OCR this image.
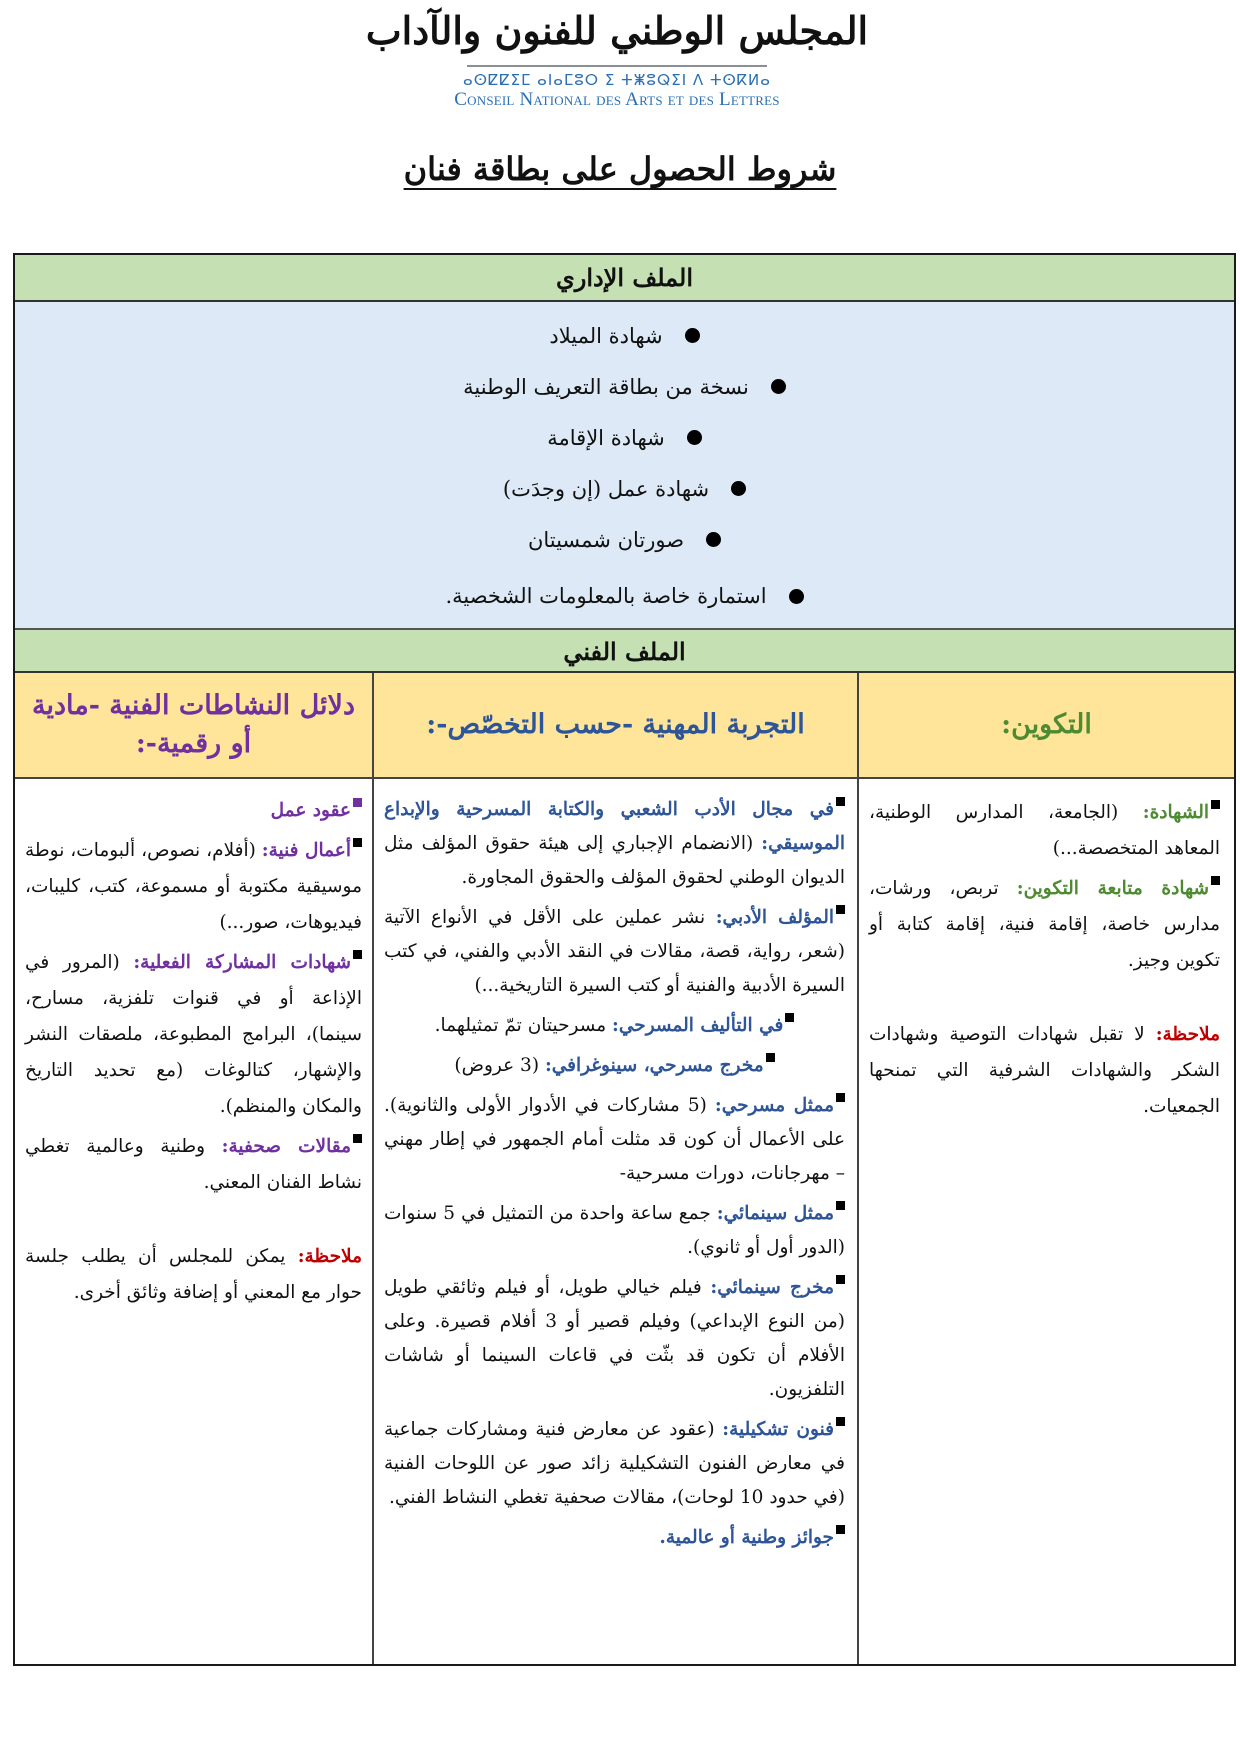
المجلس الوطني للفنون والآداب
ⴰⵙⵇⵇⵉⵎ ⴰⵏⴰⵎⵓⵔ ⵉ ⵜⵥⵓⵕⵉⵏ ⴷ ⵜⵙⴽⵍⴰ
Conseil National des Arts et des Lettres
شروط الحصول على بطاقة فنان
الملف الإداري
شهادة الميلاد
نسخة من بطاقة التعريف الوطنية
شهادة الإقامة
شهادة عمل (إن وجدَت)
صورتان شمسيتان
استمارة خاصة بالمعلومات الشخصية.
الملف الفني
التكوين:
التجربة المهنية -حسب التخصّص-:
دلائل النشاطات الفنية -مادية أو رقمية-:

الشهادة: (الجامعة، المدارس الوطنية، المعاهد المتخصصة...)

شهادة متابعة التكوين: تربص، ورشات، مدارس خاصة، إقامة فنية، إقامة كتابة أو تكوين وجيز.

ملاحظة: لا تقبل شهادات التوصية وشهادات الشكر والشهادات الشرفية التي تمنحها الجمعيات.

في مجال الأدب الشعبي والكتابة المسرحية والإبداع الموسيقي: (الانضمام الإجباري إلى هيئة حقوق المؤلف مثل الديوان الوطني لحقوق المؤلف والحقوق المجاورة.

المؤلف الأدبي: نشر عملين على الأقل في الأنواع الآتية (شعر، رواية، قصة، مقالات في النقد الأدبي والفني، في كتب السيرة الأدبية والفنية أو كتب السيرة التاريخية...)

في التأليف المسرحي: مسرحيتان تمّ تمثيلهما.

مخرج مسرحي، سينوغرافي: (3 عروض)

ممثل مسرحي: (5 مشاركات في الأدوار الأولى والثانوية). على الأعمال أن كون قد مثلت أمام الجمهور في إطار مهني – مهرجانات، دورات مسرحية-

ممثل سينمائي: جمع ساعة واحدة من التمثيل في 5 سنوات (الدور أول أو ثانوي).

مخرج سينمائي: فيلم خيالي طويل، أو فيلم وثائقي طويل (من النوع الإبداعي) وفيلم قصير أو 3 أفلام قصيرة. وعلى الأفلام أن تكون قد بثّت في قاعات السينما أو شاشات التلفزيون.

فنون تشكيلية: (عقود عن معارض فنية ومشاركات جماعية في معارض الفنون التشكيلية زائد صور عن اللوحات الفنية (في حدود 10 لوحات)، مقالات صحفية تغطي النشاط الفني.

جوائز وطنية أو عالمية.

عقود عمل

أعمال فنية: (أفلام، نصوص، ألبومات، نوطة موسيقية مكتوبة أو مسموعة، كتب، كليبات، فيديوهات، صور...)

شهادات المشاركة الفعلية: (المرور في الإذاعة أو في قنوات تلفزية، مسارح، سينما)، البرامج المطبوعة، ملصقات النشر والإشهار، كتالوغات (مع تحديد التاريخ والمكان والمنظم).

مقالات صحفية: وطنية وعالمية تغطي نشاط الفنان المعني.

ملاحظة: يمكن للمجلس أن يطلب جلسة حوار مع المعني أو إضافة وثائق أخرى.
